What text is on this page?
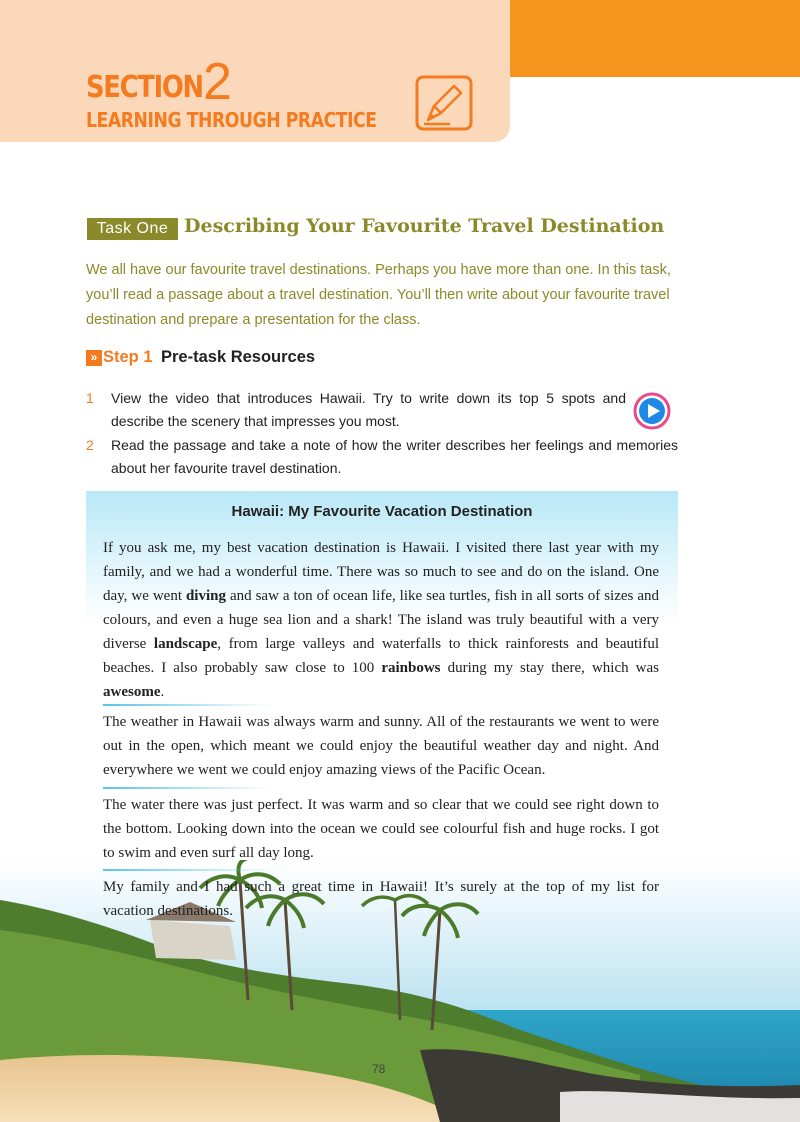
SECTION 2
LEARNING THROUGH PRACTICE
Task One Describing Your Favourite Travel Destination
We all have our favourite travel destinations. Perhaps you have more than one. In this task, you’ll read a passage about a travel destination. You’ll then write about your favourite travel destination and prepare a presentation for the class.
» Step 1 Pre-task Resources
1 View the video that introduces Hawaii. Try to write down its top 5 spots and describe the scenery that impresses you most.
2 Read the passage and take a note of how the writer describes her feelings and memories about her favourite travel destination.
Hawaii: My Favourite Vacation Destination
If you ask me, my best vacation destination is Hawaii. I visited there last year with my family, and we had a wonderful time. There was so much to see and do on the island. One day, we went diving and saw a ton of ocean life, like sea turtles, fish in all sorts of sizes and colours, and even a huge sea lion and a shark! The island was truly beautiful with a very diverse landscape, from large valleys and waterfalls to thick rainforests and beautiful beaches. I also probably saw close to 100 rainbows during my stay there, which was awesome.
The weather in Hawaii was always warm and sunny. All of the restaurants we went to were out in the open, which meant we could enjoy the beautiful weather day and night. And everywhere we went we could enjoy amazing views of the Pacific Ocean.
The water there was just perfect. It was warm and so clear that we could see right down to the bottom. Looking down into the ocean we could see colourful fish and huge rocks. I got to swim and even surf all day long.
My family and I had such a great time in Hawaii! It’s surely at the top of my list for vacation destinations.
78
